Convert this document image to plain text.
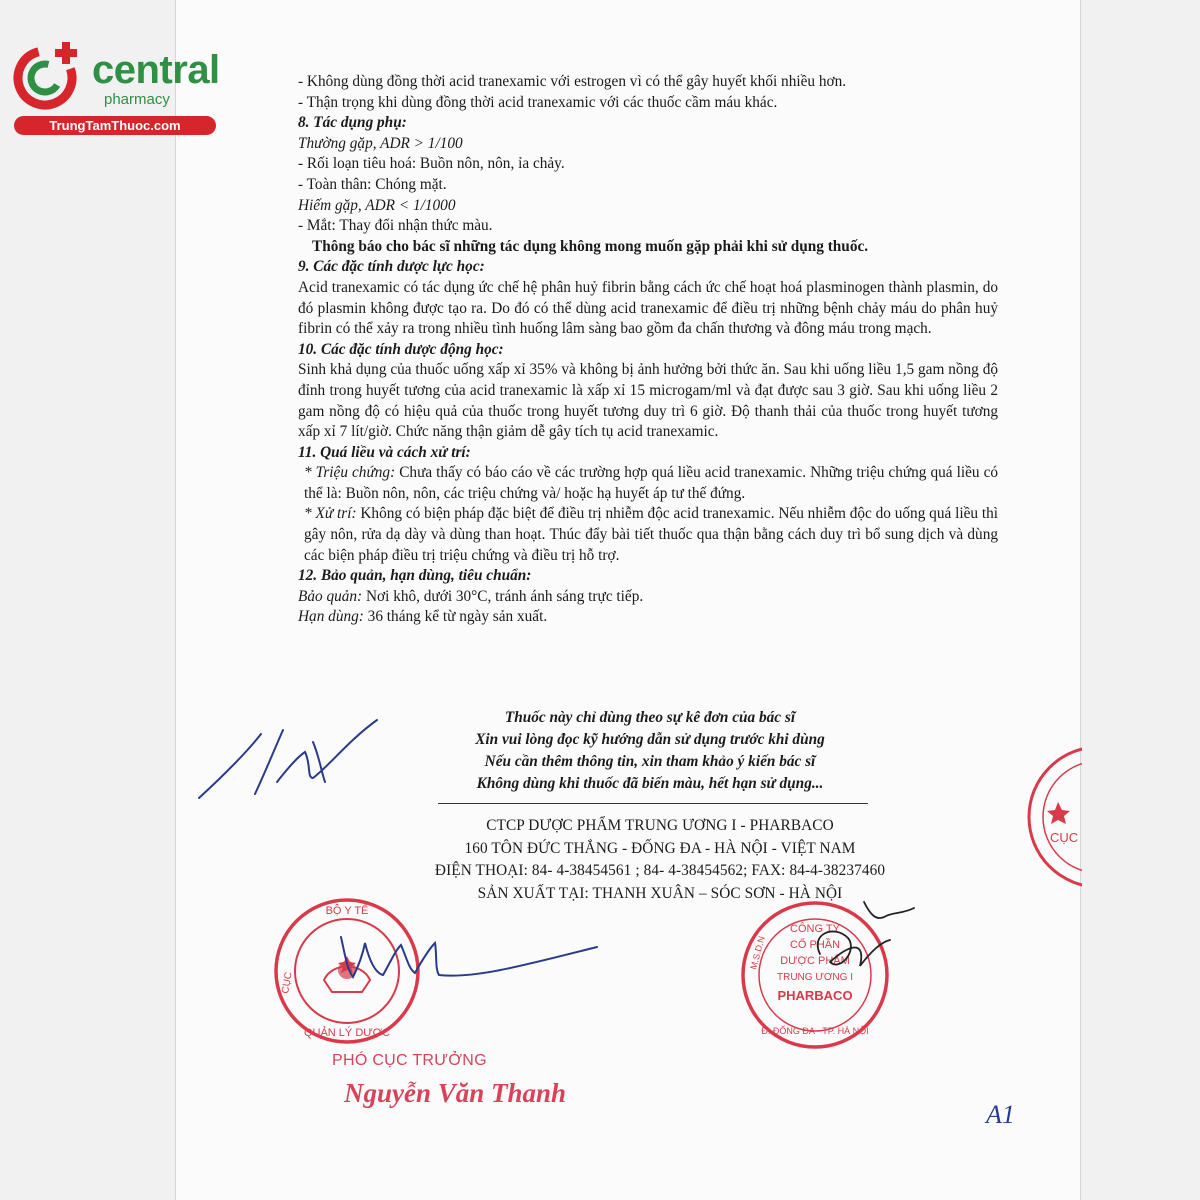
central
pharmacy
TrungTamThuoc.com

- Không dùng đồng thời acid tranexamic với estrogen vì có thể gây huyết khối nhiều hơn.

- Thận trọng khi dùng đồng thời acid tranexamic với các thuốc cầm máu khác.

8. Tác dụng phụ:

Thường gặp, ADR > 1/100

- Rối loạn tiêu hoá: Buồn nôn, nôn, ỉa chảy.

- Toàn thân: Chóng mặt.

Hiếm gặp, ADR < 1/1000

- Mắt: Thay đổi nhận thức màu.

Thông báo cho bác sĩ những tác dụng không mong muốn gặp phải khi sử dụng thuốc.

9. Các đặc tính dược lực học:

Acid tranexamic có tác dụng ức chế hệ phân huỷ fibrin bằng cách ức chế hoạt hoá plasminogen thành plasmin, do đó plasmin không được tạo ra. Do đó có thể dùng acid tranexamic để điều trị những bệnh chảy máu do phân huỷ fibrin có thể xảy ra trong nhiều tình huống lâm sàng bao gồm đa chấn thương và đông máu trong mạch.

10. Các đặc tính dược động học:

Sinh khả dụng của thuốc uống xấp xỉ 35% và không bị ảnh hưởng bởi thức ăn. Sau khi uống liều 1,5 gam nồng độ đỉnh trong huyết tương của acid tranexamic là xấp xỉ 15 microgam/ml và đạt được sau 3 giờ. Sau khi uống liều 2 gam nồng độ có hiệu quả của thuốc trong huyết tương duy trì 6 giờ. Độ thanh thải của thuốc trong huyết tương xấp xỉ 7 lít/giờ. Chức năng thận giảm dễ gây tích tụ acid tranexamic.

11. Quá liều và cách xử trí:

* Triệu chứng: Chưa thấy có báo cáo về các trường hợp quá liều acid tranexamic. Những triệu chứng quá liều có thể là: Buồn nôn, nôn, các triệu chứng và/ hoặc hạ huyết áp tư thế đứng.

* Xử trí: Không có biện pháp đặc biệt để điều trị nhiễm độc acid tranexamic. Nếu nhiễm độc do uống quá liều thì gây nôn, rửa dạ dày và dùng than hoạt. Thúc đẩy bài tiết thuốc qua thận bằng cách duy trì bổ sung dịch và dùng các biện pháp điều trị triệu chứng và điều trị hỗ trợ.

12. Bảo quản, hạn dùng, tiêu chuẩn:

Bảo quản: Nơi khô, dưới 30°C, tránh ánh sáng trực tiếp.

Hạn dùng: 36 tháng kể từ ngày sản xuất.

Thuốc này chỉ dùng theo sự kê đơn của bác sĩ
Xin vui lòng đọc kỹ hướng dẫn sử dụng trước khi dùng
Nếu cần thêm thông tin, xin tham khảo ý kiến bác sĩ
Không dùng khi thuốc đã biến màu, hết hạn sử dụng...
CTCP DƯỢC PHẨM TRUNG ƯƠNG I - PHARBACO
160 TÔN ĐỨC THẮNG - ĐỐNG ĐA - HÀ NỘI - VIỆT NAM
ĐIỆN THOẠI: 84- 4-38454561 ; 84- 4-38454562; FAX: 84-4-38237460
SẢN XUẤT TẠI: THANH XUÂN – SÓC SƠN - HÀ NỘI
CỤC
BỘ Y TẾ
CỤC
QUẢN LÝ DƯỢC
PHÓ CỤC TRƯỞNG
Nguyễn Văn Thanh
M.S.D.N
CÔNG TY
CỔ PHẦN
DƯỢC PHẨM
TRUNG ƯƠNG I
PHARBACO
Đ. ĐỐNG ĐA - TP. HÀ NỘI
A1
